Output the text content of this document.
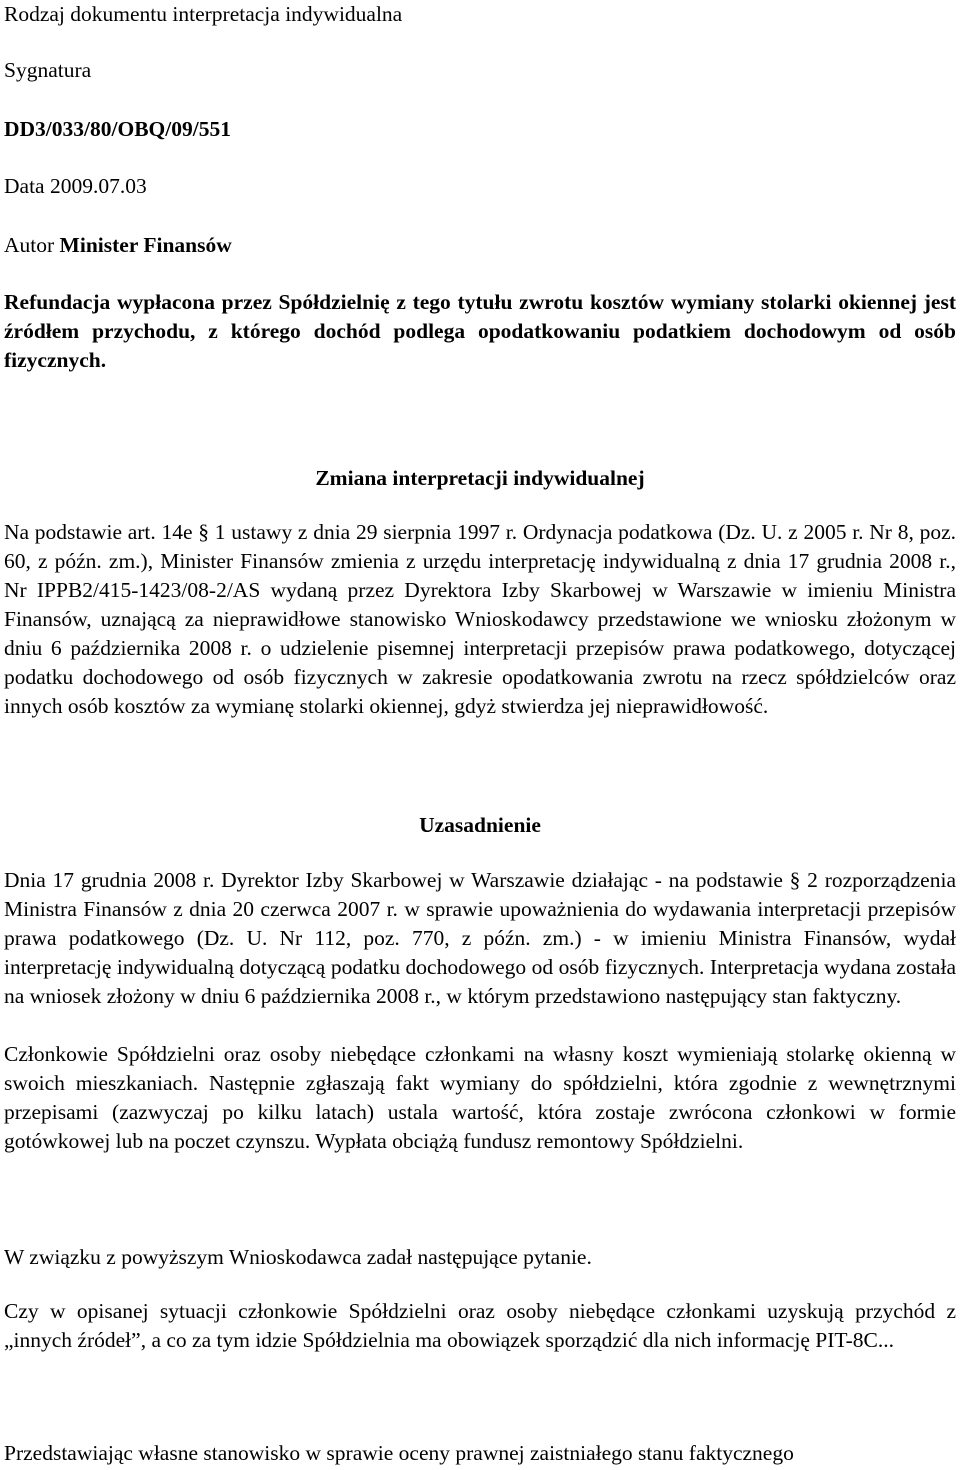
Rodzaj dokumentu interpretacja indywidualna
Sygnatura
DD3/033/80/OBQ/09/551
Data 2009.07.03
Autor Minister Finansów
Refundacja wypłacona przez Spółdzielnię z tego tytułu zwrotu kosztów wymiany stolarki okiennej jest źródłem przychodu, z którego dochód podlega opodatkowaniu podatkiem dochodowym od osób fizycznych.
Zmiana interpretacji indywidualnej
Na podstawie art. 14e § 1 ustawy z dnia 29 sierpnia 1997 r. Ordynacja podatkowa (Dz. U. z 2005 r. Nr 8, poz. 60, z późn. zm.), Minister Finansów zmienia z urzędu interpretację indywidualną z dnia 17 grudnia 2008 r., Nr IPPB2/415-1423/08-2/AS wydaną przez Dyrektora Izby Skarbowej w Warszawie w imieniu Ministra Finansów, uznającą za nieprawidłowe stanowisko Wnioskodawcy przedstawione we wniosku złożonym w dniu 6 października 2008 r. o udzielenie pisemnej interpretacji przepisów prawa podatkowego, dotyczącej podatku dochodowego od osób fizycznych w zakresie opodatkowania zwrotu na rzecz spółdzielców oraz innych osób kosztów za wymianę stolarki okiennej, gdyż stwierdza jej nieprawidłowość.
Uzasadnienie
Dnia 17 grudnia 2008 r. Dyrektor Izby Skarbowej w Warszawie działając - na podstawie § 2 rozporządzenia Ministra Finansów z dnia 20 czerwca 2007 r. w sprawie upoważnienia do wydawania interpretacji przepisów prawa podatkowego (Dz. U. Nr 112, poz. 770, z późn. zm.) - w imieniu Ministra Finansów, wydał interpretację indywidualną dotyczącą podatku dochodowego od osób fizycznych. Interpretacja wydana została na wniosek złożony w dniu 6 października 2008 r., w którym przedstawiono następujący stan faktyczny.
Członkowie Spółdzielni oraz osoby niebędące członkami na własny koszt wymieniają stolarkę okienną w swoich mieszkaniach. Następnie zgłaszają fakt wymiany do spółdzielni, która zgodnie z wewnętrznymi przepisami (zazwyczaj po kilku latach) ustala wartość, która zostaje zwrócona członkowi w formie gotówkowej lub na poczet czynszu. Wypłata obciążą fundusz remontowy Spółdzielni.
W związku z powyższym Wnioskodawca zadał następujące pytanie.
Czy w opisanej sytuacji członkowie Spółdzielni oraz osoby niebędące członkami uzyskują przychód z „innych źródeł”, a co za tym idzie Spółdzielnia ma obowiązek sporządzić dla nich informację PIT-8C...
Przedstawiając własne stanowisko w sprawie oceny prawnej zaistniałego stanu faktycznego
